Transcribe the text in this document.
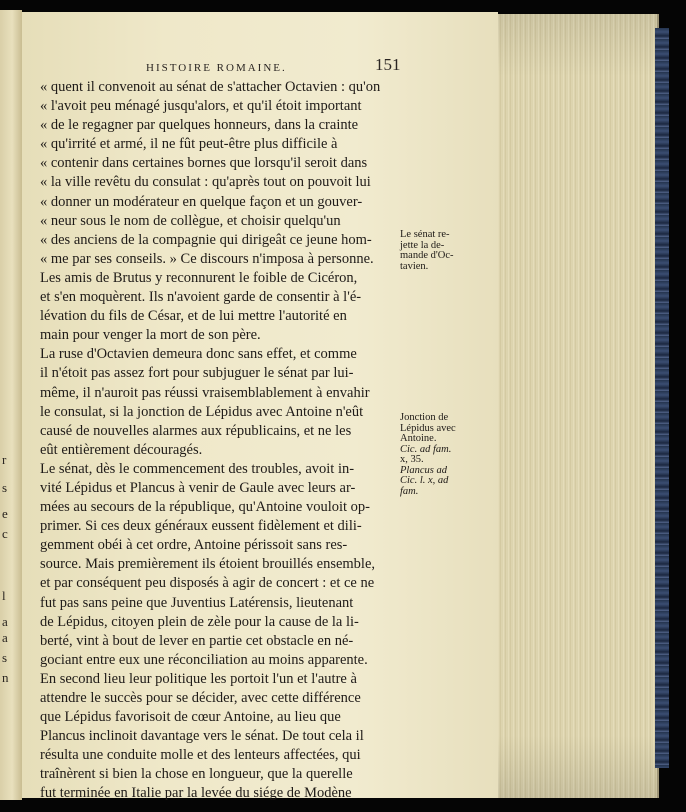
r
s
e
c
l
a
a
s
n
HISTOIRE ROMAINE.	151
« quent il convenoit au sénat de s'attacher Octavien : qu'on
« l'avoit peu ménagé jusqu'alors, et qu'il étoit important
« de le regagner par quelques honneurs, dans la crainte
« qu'irrité et armé, il ne fût peut-être plus difficile à
« contenir dans certaines bornes que lorsqu'il seroit dans
« la ville revêtu du consulat : qu'après tout on pouvoit lui
« donner un modérateur en quelque façon et un gouver-
« neur sous le nom de collègue, et choisir quelqu'un
« des anciens de la compagnie qui dirigeât ce jeune hom-
« me par ses conseils. » Ce discours n'imposa à personne.
Les amis de Brutus y reconnurent le foible de Cicéron,
et s'en moquèrent. Ils n'avoient garde de consentir à l'é-
lévation du fils de César, et de lui mettre l'autorité en
main pour venger la mort de son père.
La ruse d'Octavien demeura donc sans effet, et comme
il n'étoit pas assez fort pour subjuguer le sénat par lui-
même, il n'auroit pas réussi vraisemblablement à envahir
le consulat, si la jonction de Lépidus avec Antoine n'eût
causé de nouvelles alarmes aux républicains, et ne les
eût entièrement découragés.
Le sénat, dès le commencement des troubles, avoit in-
vité Lépidus et Plancus à venir de Gaule avec leurs ar-
mées au secours de la république, qu'Antoine vouloit op-
primer. Si ces deux généraux eussent fidèlement et dili-
gemment obéi à cet ordre, Antoine périssoit sans res-
source. Mais premièrement ils étoient brouillés ensemble,
et par conséquent peu disposés à agir de concert : et ce ne
fut pas sans peine que Juventius Latérensis, lieutenant
de Lépidus, citoyen plein de zèle pour la cause de la li-
berté, vint à bout de lever en partie cet obstacle en né-
gociant entre eux une réconciliation au moins apparente.
En second lieu leur politique les portoit l'un et l'autre à
attendre le succès pour se décider, avec cette différence
que Lépidus favorisoit de cœur Antoine, au lieu que
Plancus inclinoit davantage vers le sénat. De tout cela il
résulta une conduite molle et des lenteurs affectées, qui
traînèrent si bien la chose en longueur, que la querelle
fut terminée en Italie par la levée du siége de Modène
Le sénat re-
jette la de-
mande d'Oc-
tavien.
Jonction de
Lépidus avec
Antoine.
Cic. ad fam.
x, 35.
Plancus ad
Cic. l. x, ad
fam.
